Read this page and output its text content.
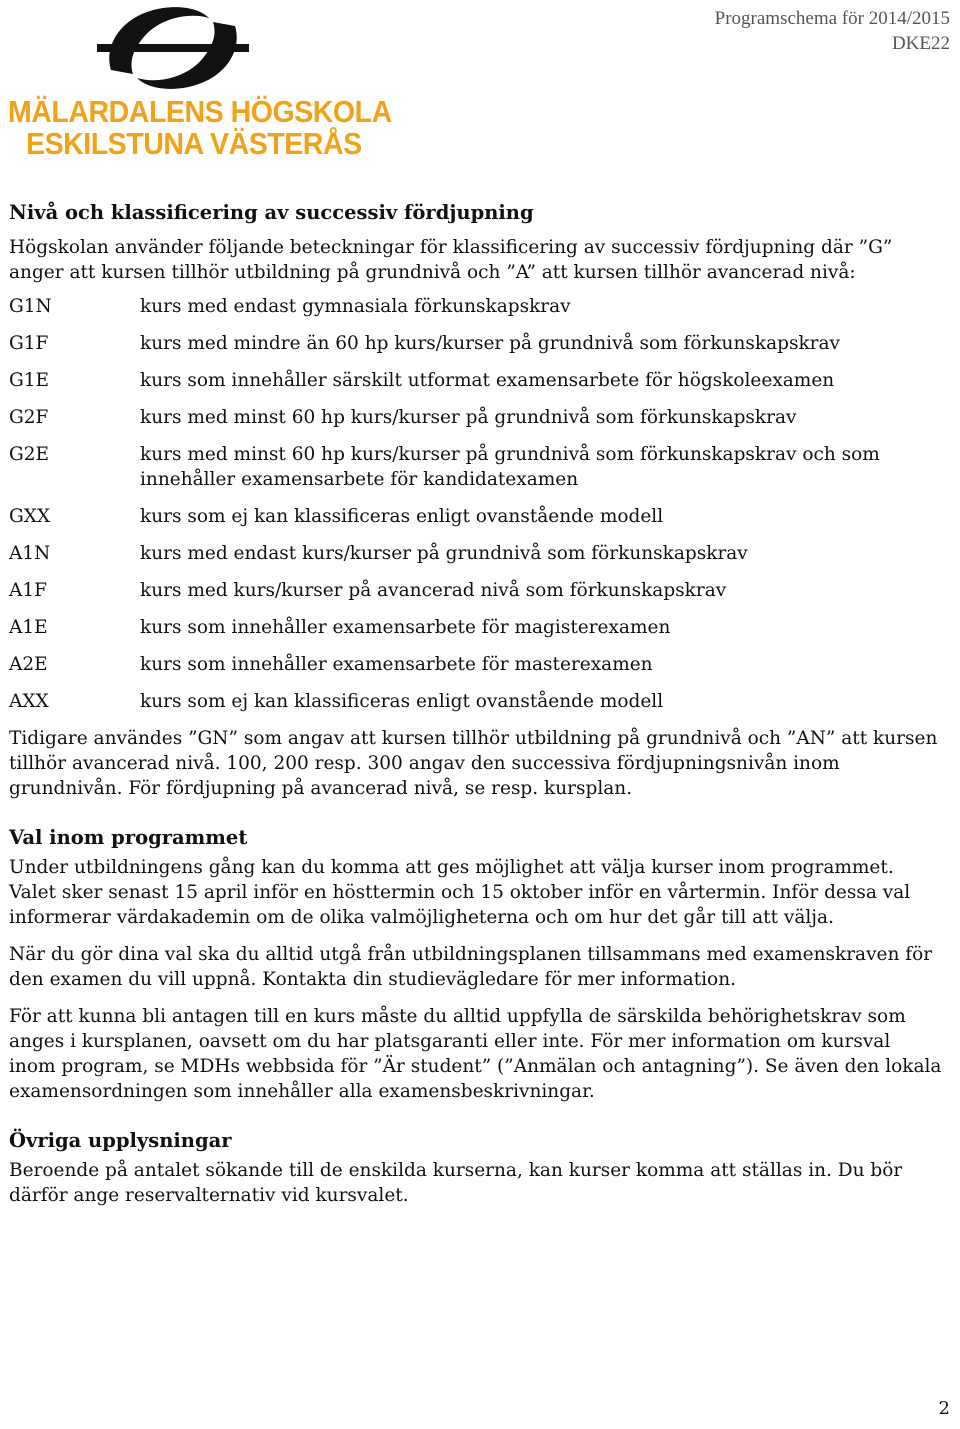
Programschema för 2014/2015
DKE22
MÄLARDALENS HÖGSKOLA
ESKILSTUNA VÄSTERÅS
Nivå och klassificering av successiv fördjupning

Högskolan använder följande beteckningar för klassificering av successiv fördjupning där ”G” anger att kursen tillhör utbildning på grundnivå och ”A” att kursen tillhör avancerad nivå:

G1N	kurs med endast gymnasiala förkunskapskrav
G1F	kurs med mindre än 60 hp kurs/kurser på grundnivå som förkunskapskrav
G1E	kurs som innehåller särskilt utformat examensarbete för högskoleexamen
G2F	kurs med minst 60 hp kurs/kurser på grundnivå som förkunskapskrav
G2E	kurs med minst 60 hp kurs/kurser på grundnivå som förkunskapskrav och som innehåller examensarbete för kandidatexamen
GXX	kurs som ej kan klassificeras enligt ovanstående modell
A1N	kurs med endast kurs/kurser på grundnivå som förkunskapskrav
A1F	kurs med kurs/kurser på avancerad nivå som förkunskapskrav
A1E	kurs som innehåller examensarbete för magisterexamen
A2E	kurs som innehåller examensarbete för masterexamen
AXX	kurs som ej kan klassificeras enligt ovanstående modell

Tidigare användes ”GN” som angav att kursen tillhör utbildning på grundnivå och ”AN” att kursen tillhör avancerad nivå. 100, 200 resp. 300 angav den successiva fördjupningsnivån inom grundnivån. För fördjupning på avancerad nivå, se resp. kursplan.

Val inom programmet

Under utbildningens gång kan du komma att ges möjlighet att välja kurser inom programmet. Valet sker senast 15 april inför en hösttermin och 15 oktober inför en vårtermin. Inför dessa val informerar värdakademin om de olika valmöjligheterna och om hur det går till att välja.

När du gör dina val ska du alltid utgå från utbildningsplanen tillsammans med examenskraven för den examen du vill uppnå. Kontakta din studievägledare för mer information.

För att kunna bli antagen till en kurs måste du alltid uppfylla de särskilda behörighetskrav som anges i kursplanen, oavsett om du har platsgaranti eller inte. För mer information om kursval inom program, se MDHs webbsida för ”Är student” (”Anmälan och antagning”). Se även den lokala examensordningen som innehåller alla examensbeskrivningar.

Övriga upplysningar

Beroende på antalet sökande till de enskilda kurserna, kan kurser komma att ställas in. Du bör därför ange reservalternativ vid kursvalet.

2
